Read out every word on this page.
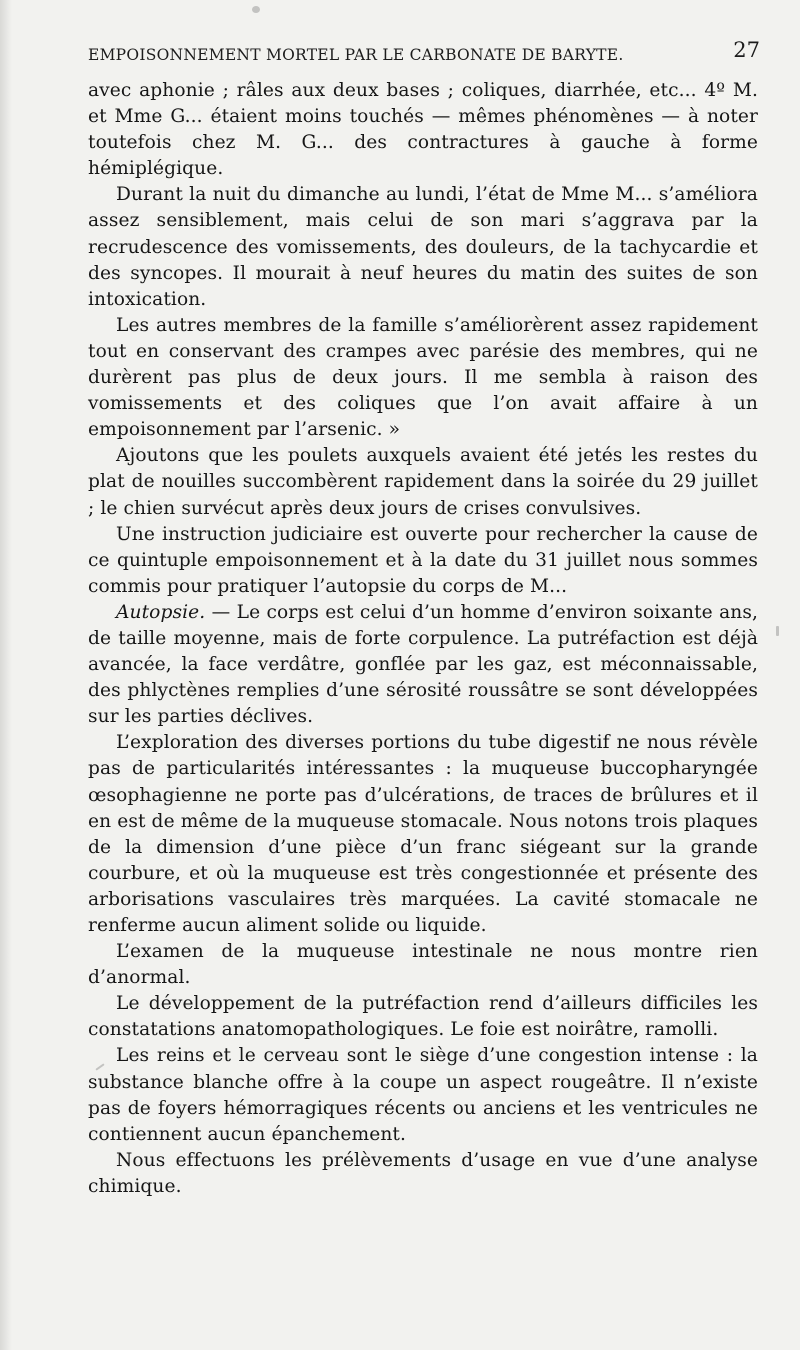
EMPOISONNEMENT MORTEL PAR LE CARBONATE DE BARYTE.	27

avec aphonie ; râles aux deux bases ; coliques, diarrhée, etc... 4º M. et Mme G... étaient moins touchés — mêmes phénomènes — à noter toutefois chez M. G... des contractures à gauche à forme hémiplégique.

Durant la nuit du dimanche au lundi, l’état de Mme M... s’améliora assez sensiblement, mais celui de son mari s’aggrava par la recrudescence des vomissements, des douleurs, de la tachycardie et des syncopes. Il mourait à neuf heures du matin des suites de son intoxication.

Les autres membres de la famille s’améliorèrent assez rapidement tout en conservant des crampes avec parésie des membres, qui ne durèrent pas plus de deux jours. Il me sembla à raison des vomissements et des coliques que l’on avait affaire à un empoisonnement par l’arsenic. »

Ajoutons que les poulets auxquels avaient été jetés les restes du plat de nouilles succombèrent rapidement dans la soirée du 29 juillet ; le chien survécut après deux jours de crises convulsives.

Une instruction judiciaire est ouverte pour rechercher la cause de ce quintuple empoisonnement et à la date du 31 juillet nous sommes commis pour pratiquer l’autopsie du corps de M...

Autopsie. — Le corps est celui d’un homme d’environ soixante ans, de taille moyenne, mais de forte corpulence. La putréfaction est déjà avancée, la face verdâtre, gonflée par les gaz, est méconnaissable, des phlyctènes remplies d’une sérosité roussâtre se sont développées sur les parties déclives.

L’exploration des diverses portions du tube digestif ne nous révèle pas de particularités intéressantes : la muqueuse buccopharyngée œsophagienne ne porte pas d’ulcérations, de traces de brûlures et il en est de même de la muqueuse stomacale. Nous notons trois plaques de la dimension d’une pièce d’un franc siégeant sur la grande courbure, et où la muqueuse est très congestionnée et présente des arborisations vasculaires très marquées. La cavité stomacale ne renferme aucun aliment solide ou liquide.

L’examen de la muqueuse intestinale ne nous montre rien d’anormal.

Le développement de la putréfaction rend d’ailleurs difficiles les constatations anatomopathologiques. Le foie est noirâtre, ramolli.

Les reins et le cerveau sont le siège d’une congestion intense : la substance blanche offre à la coupe un aspect rougeâtre. Il n’existe pas de foyers hémorragiques récents ou anciens et les ventricules ne contiennent aucun épanchement.

Nous effectuons les prélèvements d’usage en vue d’une analyse chimique.
